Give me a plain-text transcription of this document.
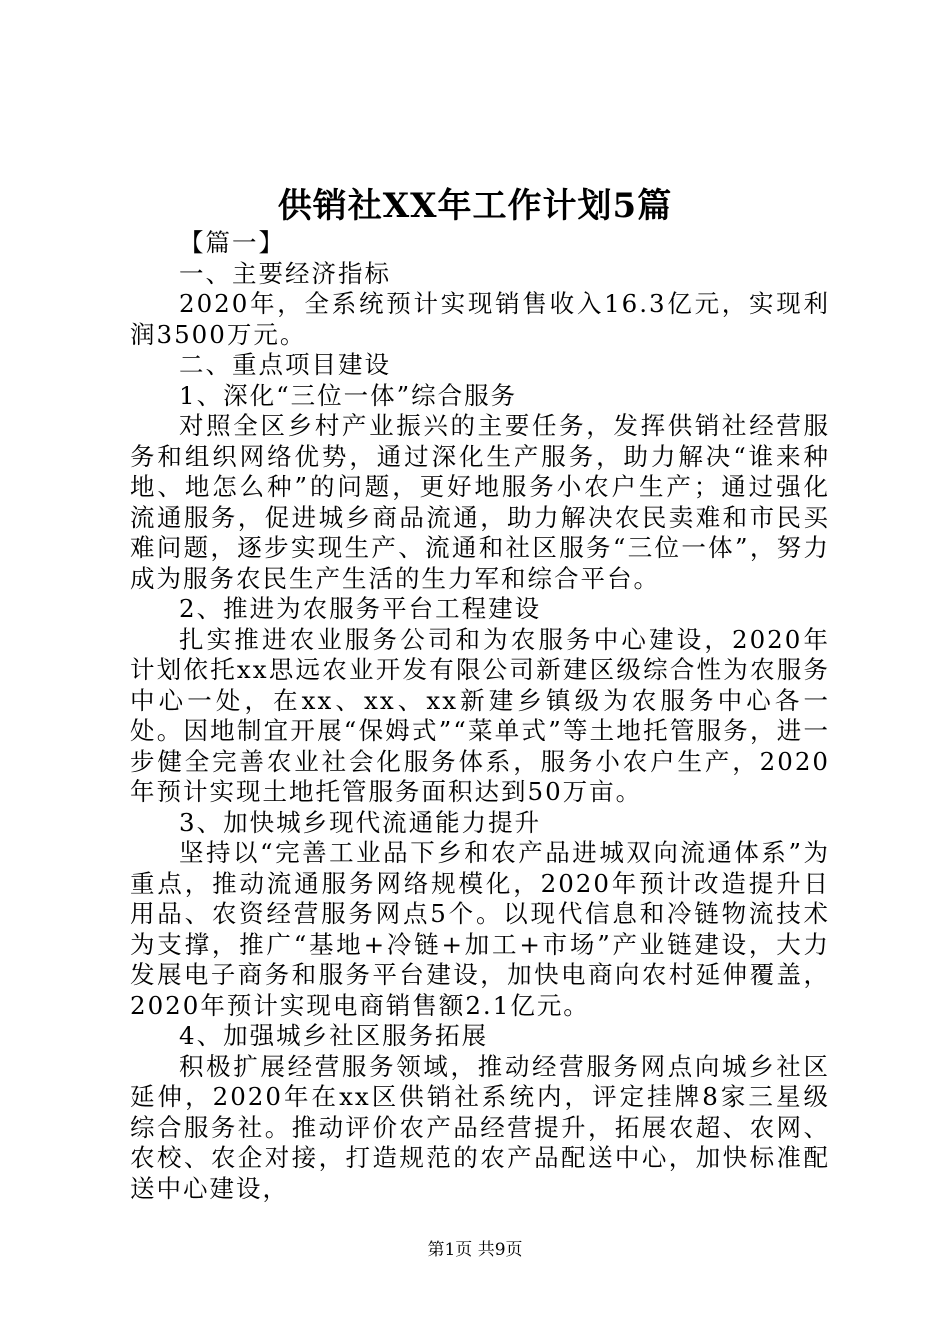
供销社XX年工作计划5篇

【篇一】

一、主要经济指标

2020年，全系统预计实现销售收入16.3亿元，实现利润3500万元。

二、重点项目建设

1、深化“三位一体”综合服务

对照全区乡村产业振兴的主要任务，发挥供销社经营服务和组织网络优势，通过深化生产服务，助力解决“谁来种地、地怎么种”的问题，更好地服务小农户生产；通过强化流通服务，促进城乡商品流通，助力解决农民卖难和市民买难问题，逐步实现生产、流通和社区服务“三位一体”，努力成为服务农民生产生活的生力军和综合平台。

2、推进为农服务平台工程建设

扎实推进农业服务公司和为农服务中心建设，2020年计划依托xx思远农业开发有限公司新建区级综合性为农服务中心一处，在xx、xx、xx新建乡镇级为农服务中心各一处。因地制宜开展“保姆式”“菜单式”等土地托管服务，进一步健全完善农业社会化服务体系，服务小农户生产，2020年预计实现土地托管服务面积达到50万亩。

3、加快城乡现代流通能力提升

坚持以“完善工业品下乡和农产品进城双向流通体系”为重点，推动流通服务网络规模化，2020年预计改造提升日用品、农资经营服务网点5个。以现代信息和冷链物流技术为支撑，推广“基地+冷链+加工+市场”产业链建设，大力发展电子商务和服务平台建设，加快电商向农村延伸覆盖，2020年预计实现电商销售额2.1亿元。

4、加强城乡社区服务拓展

积极扩展经营服务领域，推动经营服务网点向城乡社区延伸，2020年在xx区供销社系统内，评定挂牌8家三星级综合服务社。推动评价农产品经营提升，拓展农超、农网、农校、农企对接，打造规范的农产品配送中心，加快标准配送中心建设，

第1页 共9页
